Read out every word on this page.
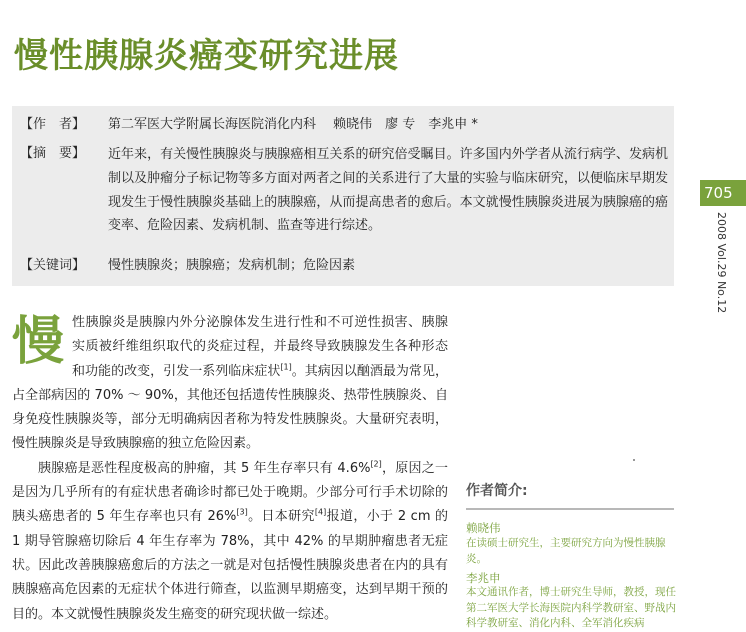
慢性胰腺炎癌变研究进展
【作　者】	第二军医大学附属长海医院消化内科　 赖晓伟　廖 专　李兆申 *
【摘　要】	近年来，有关慢性胰腺炎与胰腺癌相互关系的研究倍受瞩目。许多国内外学者从流行病学、发病机制以及肿瘤分子标记物等多方面对两者之间的关系进行了大量的实验与临床研究，以便临床早期发现发生于慢性胰腺炎基础上的胰腺癌，从而提高患者的愈后。本文就慢性胰腺炎进展为胰腺癌的癌变率、危险因素、发病机制、监查等进行综述。
【关键词】	慢性胰腺炎；胰腺癌；发病机制；危险因素
705
2008 Vol.29 No.12

慢性胰腺炎是胰腺内外分泌腺体发生进行性和不可逆性损害、胰腺实质被纤维组织取代的炎症过程，并最终导致胰腺发生各种形态和功能的改变，引发一系列临床症状[1]。其病因以酗酒最为常见，占全部病因的 70% ～ 90%，其他还包括遗传性胰腺炎、热带性胰腺炎、自身免疫性胰腺炎等，部分无明确病因者称为特发性胰腺炎。大量研究表明，慢性胰腺炎是导致胰腺癌的独立危险因素。

胰腺癌是恶性程度极高的肿瘤，其 5 年生存率只有 4.6%[2]，原因之一是因为几乎所有的有症状患者确诊时都已处于晚期。少部分可行手术切除的胰头癌患者的 5 年生存率也只有 26%[3]。日本研究[4]报道，小于 2 cm 的 1 期导管腺癌切除后 4 年生存率为 78%，其中 42% 的早期肿瘤患者无症状。因此改善胰腺癌愈后的方法之一就是对包括慢性胰腺炎患者在内的具有胰腺癌高危因素的无症状个体进行筛查，以监测早期癌变，达到早期干预的目的。本文就慢性胰腺炎发生癌变的研究现状做一综述。

作者简介:
赖晓伟
在读硕士研究生，主要研究方向为慢性胰腺炎。
李兆申
本文通讯作者，博士研究生导师，教授，现任第二军医大学长海医院内科学教研室、野战内科学教研室、消化内科、全军消化疾病
